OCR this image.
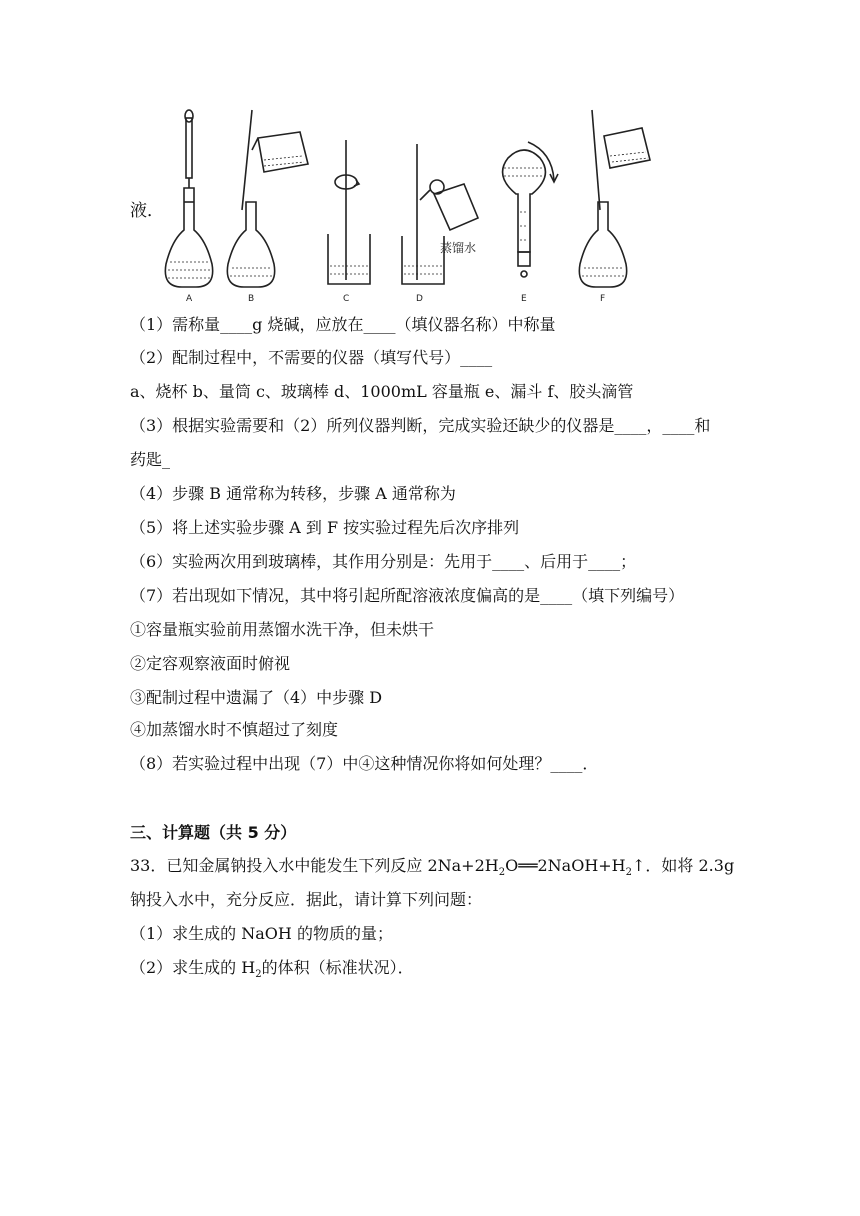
液．
蒸馏水
A	B	C	D	E	F
（1）需称量____g 烧碱，应放在____（填仪器名称）中称量
（2）配制过程中，不需要的仪器（填写代号）____
a、烧杯 b、量筒 c、玻璃棒 d、1000mL 容量瓶 e、漏斗 f、胶头滴管
（3）根据实验需要和（2）所列仪器判断，完成实验还缺少的仪器是____，____和
药匙_
（4）步骤 B 通常称为转移，步骤 A 通常称为
（5）将上述实验步骤 A 到 F 按实验过程先后次序排列
（6）实验两次用到玻璃棒，其作用分别是：先用于____、后用于____；
（7）若出现如下情况，其中将引起所配溶液浓度偏高的是____（填下列编号）
①容量瓶实验前用蒸馏水洗干净，但未烘干
②定容观察液面时俯视
③配制过程中遗漏了（4）中步骤 D
④加蒸馏水时不慎超过了刻度
（8）若实验过程中出现（7）中④这种情况你将如何处理？____．
三、计算题（共 5 分）
33．已知金属钠投入水中能发生下列反应 $2Na+2H_2O══2NaOH+H_2↑$．如将 2.3g
钠投入水中，充分反应．据此，请计算下列问题：
（1）求生成的 NaOH 的物质的量；
（2）求生成的 $H_2$的体积（标准状况）．
